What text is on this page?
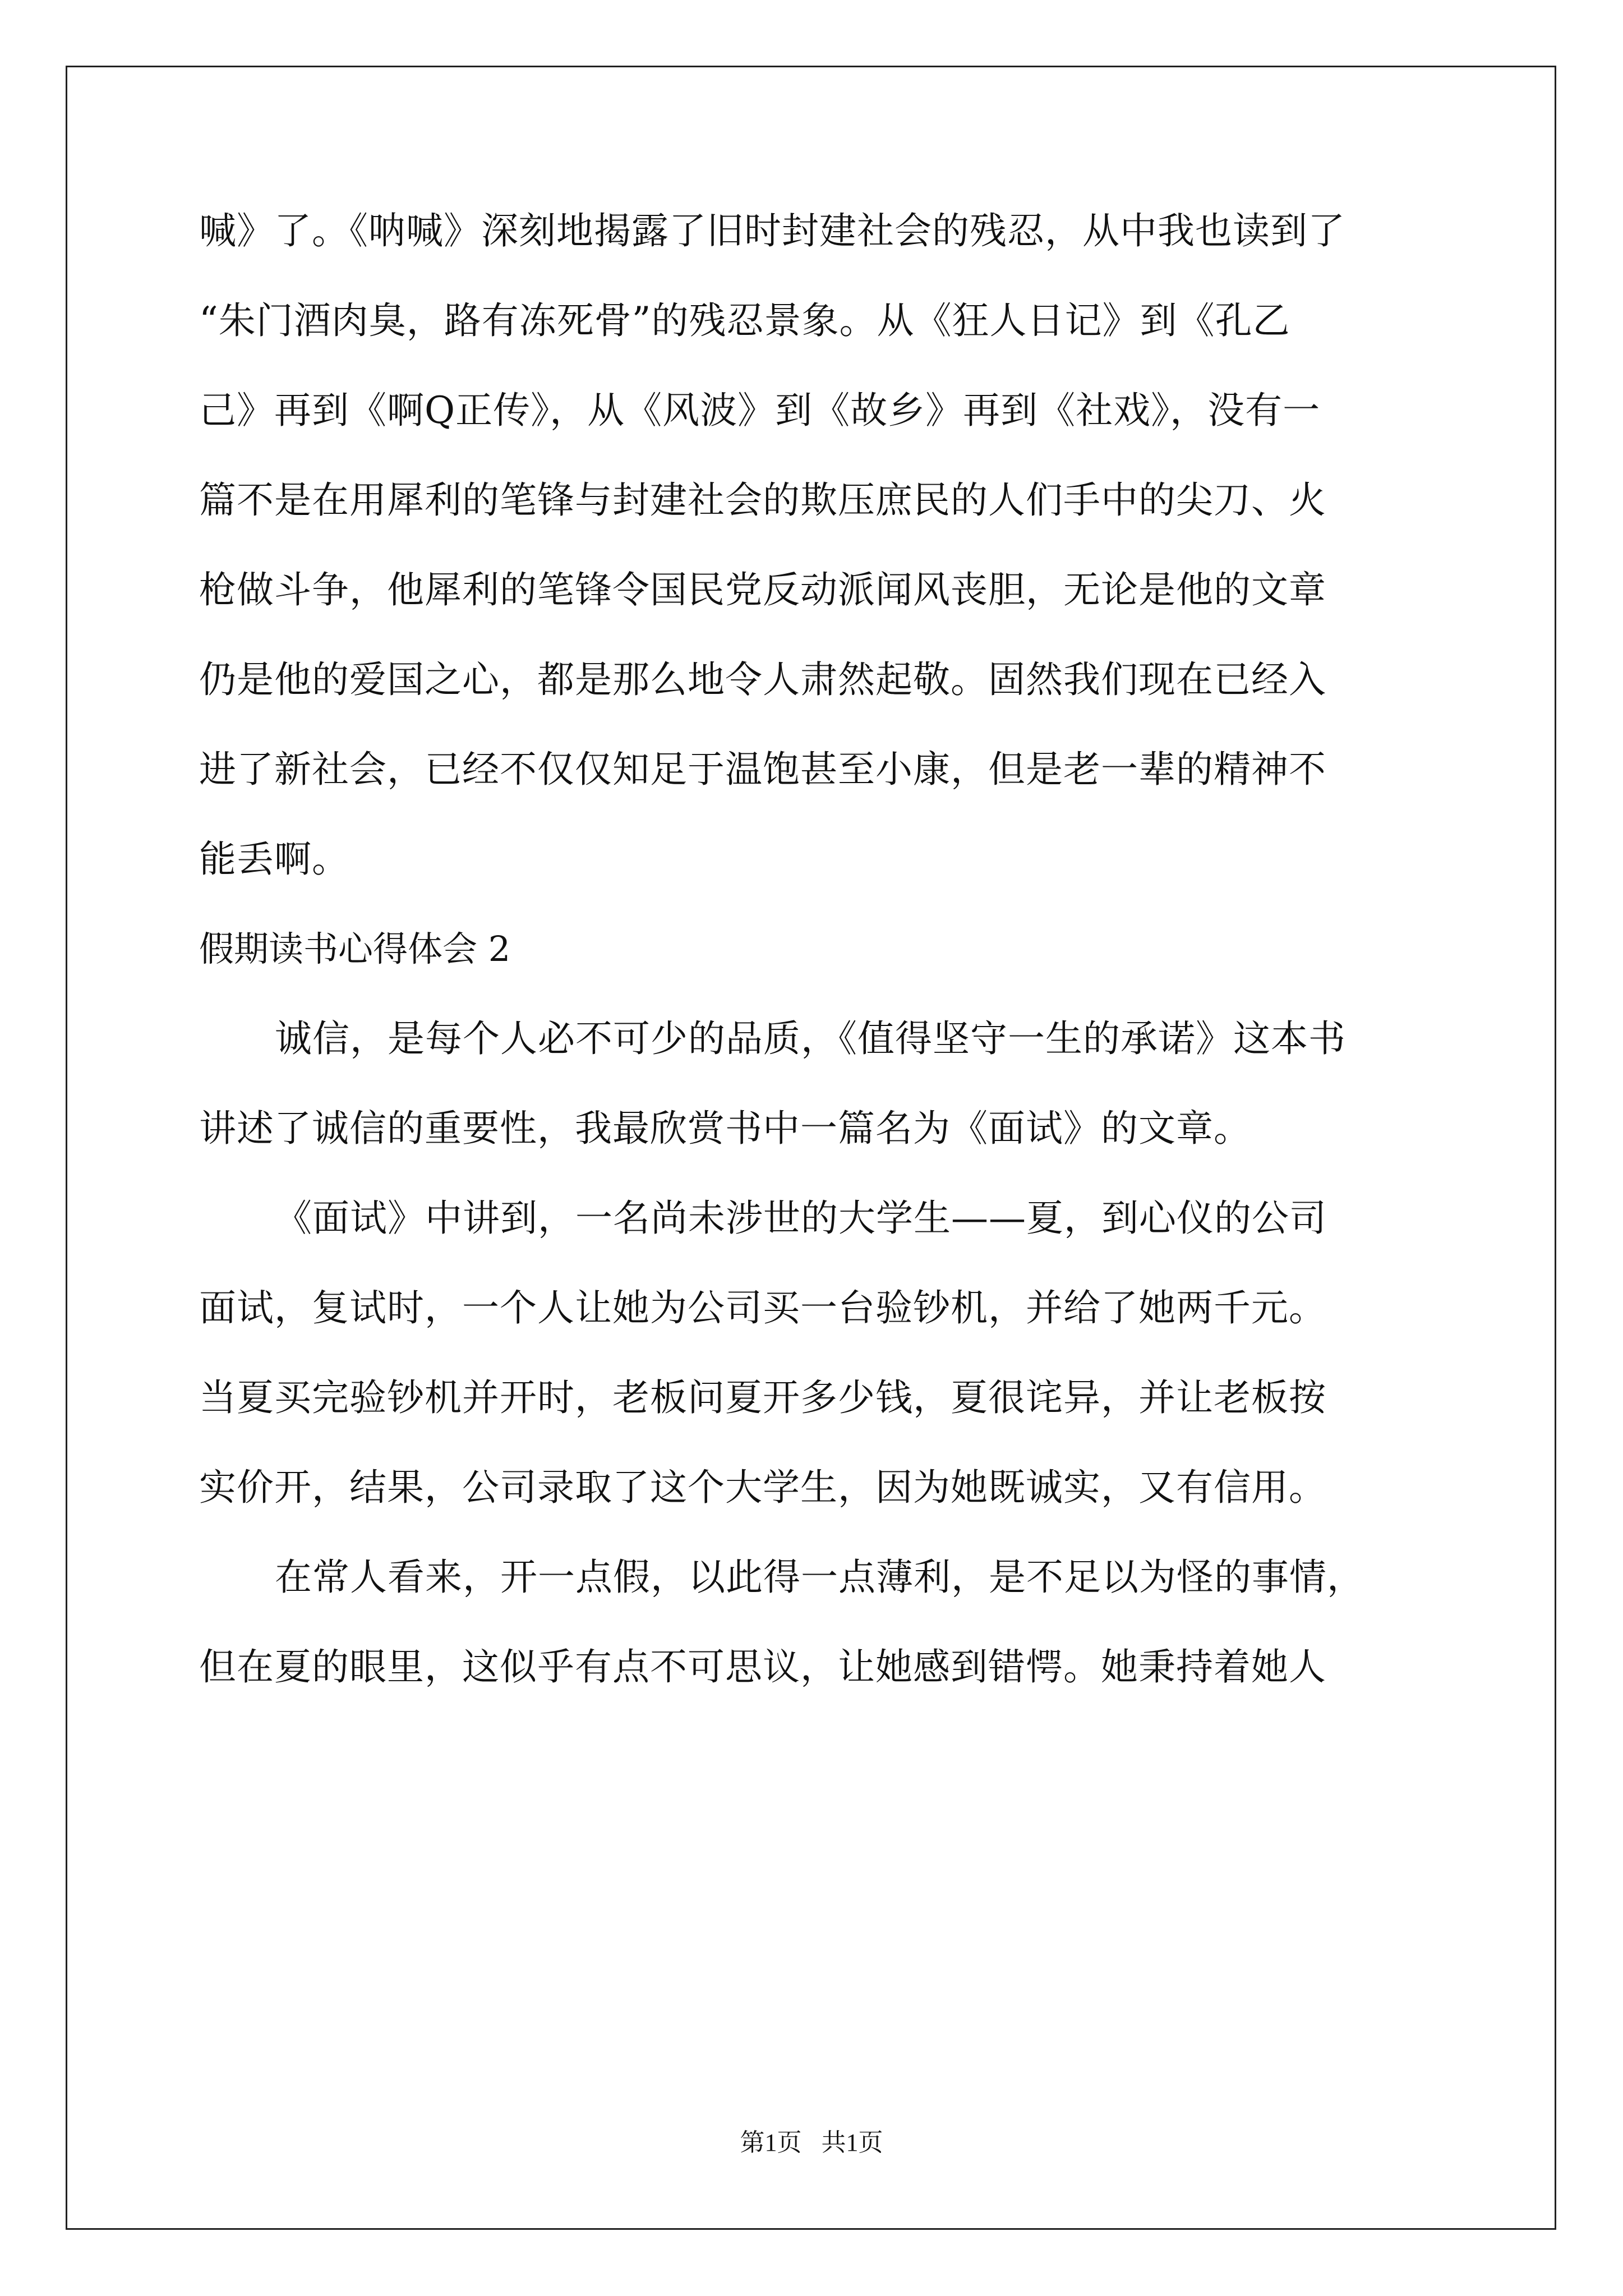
喊》了。《呐喊》深刻地揭露了旧时封建社会的残忍，从中我也读到了
“朱门酒肉臭，路有冻死骨”的残忍景象。从《狂人日记》到《孔乙
己》再到《啊Q正传》，从《风波》到《故乡》再到《社戏》，没有一
篇不是在用犀利的笔锋与封建社会的欺压庶民的人们手中的尖刀、火
枪做斗争，他犀利的笔锋令国民党反动派闻风丧胆，无论是他的文章
仍是他的爱国之心，都是那么地令人肃然起敬。固然我们现在已经入
进了新社会，已经不仅仅知足于温饱甚至小康，但是老一辈的精神不
能丢啊。
假期读书心得体会 2
诚信，是每个人必不可少的品质，《值得坚守一生的承诺》这本书
讲述了诚信的重要性，我最欣赏书中一篇名为《面试》的文章。
《面试》中讲到，一名尚未涉世的大学生——夏，到心仪的公司
面试，复试时，一个人让她为公司买一台验钞机，并给了她两千元。
当夏买完验钞机并开时，老板问夏开多少钱，夏很诧异，并让老板按
实价开，结果，公司录取了这个大学生，因为她既诚实，又有信用。
在常人看来，开一点假，以此得一点薄利，是不足以为怪的事情，
但在夏的眼里，这似乎有点不可思议，让她感到错愕。她秉持着她人
第1页 共1页
